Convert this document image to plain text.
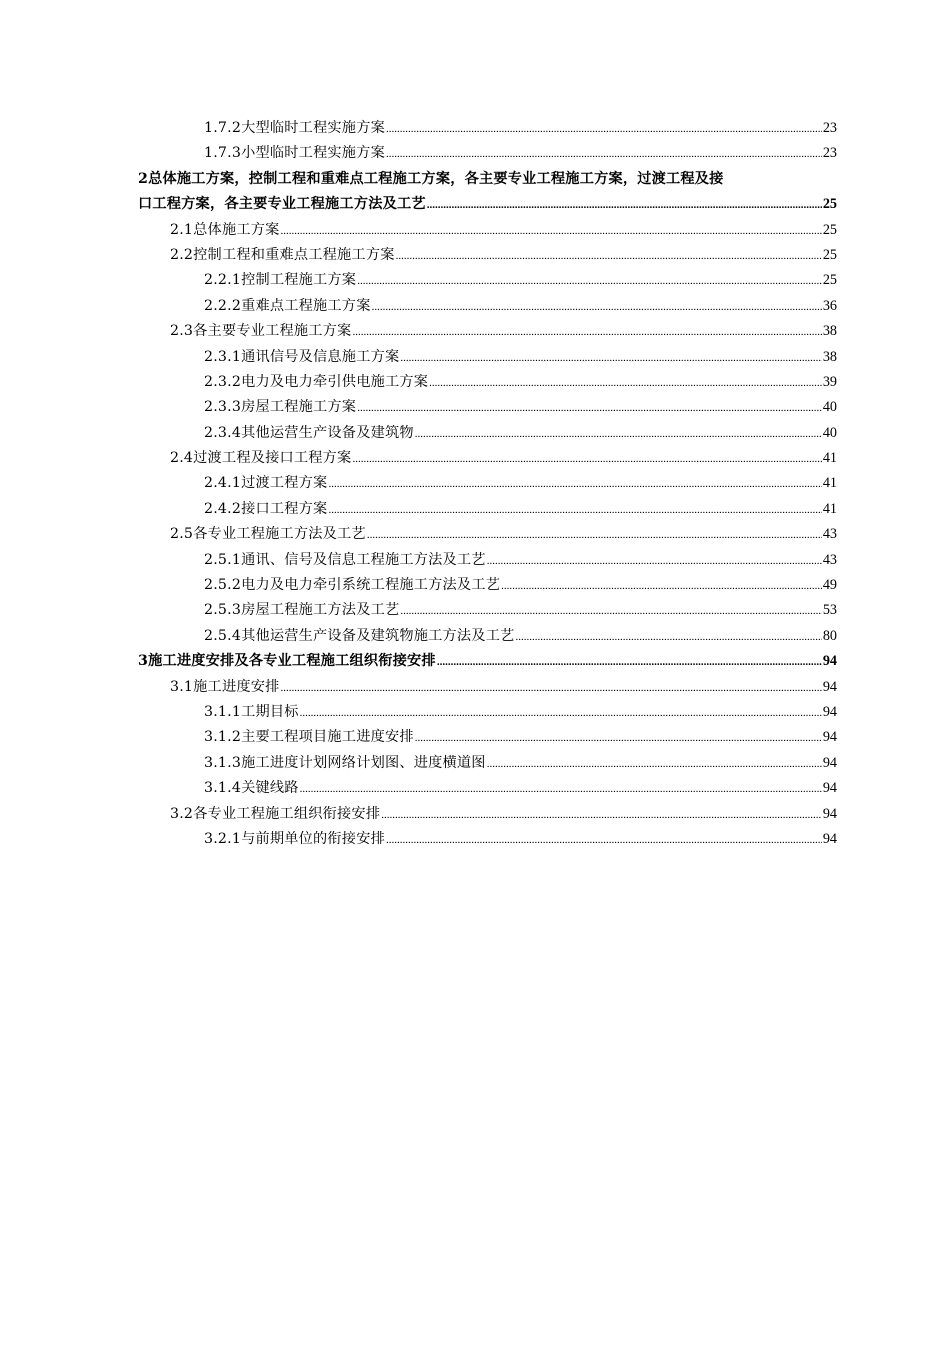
1.7.2大型临时工程实施方案 .....	23
1.7.3小型临时工程实施方案 .....	23
2总体施工方案，控制工程和重难点工程施工方案，各主要专业工程施工方案，过渡工程及接
口工程方案，各主要专业工程施工方法及工艺 .....	25
2.1总体施工方案 .....	25
2.2控制工程和重难点工程施工方案 .....	25
2.2.1控制工程施工方案 .....	25
2.2.2重难点工程施工方案 .....	36
2.3各主要专业工程施工方案 .....	38
2.3.1通讯信号及信息施工方案 .....	38
2.3.2电力及电力牵引供电施工方案 .....	39
2.3.3房屋工程施工方案 .....	40
2.3.4其他运营生产设备及建筑物 .....	40
2.4过渡工程及接口工程方案 .....	41
2.4.1过渡工程方案 .....	41
2.4.2接口工程方案 .....	41
2.5各专业工程施工方法及工艺 .....	43
2.5.1通讯、信号及信息工程施工方法及工艺 .....	43
2.5.2电力及电力牵引系统工程施工方法及工艺 .....	49
2.5.3房屋工程施工方法及工艺 .....	53
2.5.4其他运营生产设备及建筑物施工方法及工艺 .....	80
3施工进度安排及各专业工程施工组织衔接安排 .....	94
3.1施工进度安排 .....	94
3.1.1工期目标 .....	94
3.1.2主要工程项目施工进度安排 .....	94
3.1.3施工进度计划网络计划图、进度横道图 .....	94
3.1.4关键线路 .....	94
3.2各专业工程施工组织衔接安排 .....	94
3.2.1与前期单位的衔接安排 .....	94
